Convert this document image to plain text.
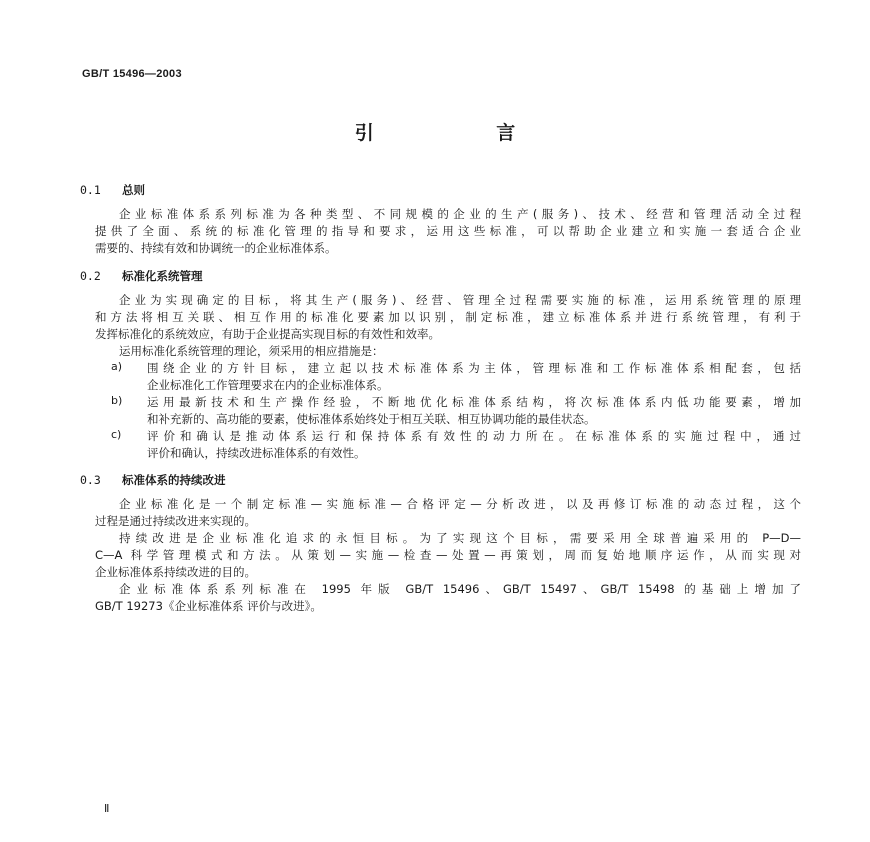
GB/T 15496—2003
引 言
0.1 总则
企业标准体系系列标准为各种类型、不同规模的企业的生产(服务)、技术、经营和管理活动全过程
提供了全面、系统的标准化管理的指导和要求，运用这些标准，可以帮助企业建立和实施一套适合企业
需要的、持续有效和协调统一的企业标准体系。
0.2 标准化系统管理
企业为实现确定的目标，将其生产(服务)、经营、管理全过程需要实施的标准，运用系统管理的原理
和方法将相互关联、相互作用的标准化要素加以识别，制定标准，建立标准体系并进行系统管理，有利于
发挥标准化的系统效应，有助于企业提高实现目标的有效性和效率。
运用标准化系统管理的理论，须采用的相应措施是：
a) 围绕企业的方针目标，建立起以技术标准体系为主体，管理标准和工作标准体系相配套，包括
企业标准化工作管理要求在内的企业标准体系。
b) 运用最新技术和生产操作经验，不断地优化标准体系结构，将次标准体系内低功能要素，增加
和补充新的、高功能的要素，使标准体系始终处于相互关联、相互协调功能的最佳状态。
c) 评价和确认是推动体系运行和保持体系有效性的动力所在。在标准体系的实施过程中，通过
评价和确认，持续改进标准体系的有效性。
0.3 标准体系的持续改进
企业标准化是一个制定标准—实施标准—合格评定—分析改进，以及再修订标准的动态过程，这个
过程是通过持续改进来实现的。
持续改进是企业标准化追求的永恒目标。为了实现这个目标，需要采用全球普遍采用的 P—D—
C—A 科学管理模式和方法。从策划—实施—检查—处置—再策划，周而复始地顺序运作，从而实现对
企业标准体系持续改进的目的。
企业标准体系系列标准在 1995 年版 GB/T 15496、GB/T 15497、GB/T 15498 的基础上增加了
GB/T 19273《企业标准体系 评价与改进》。
Ⅱ
